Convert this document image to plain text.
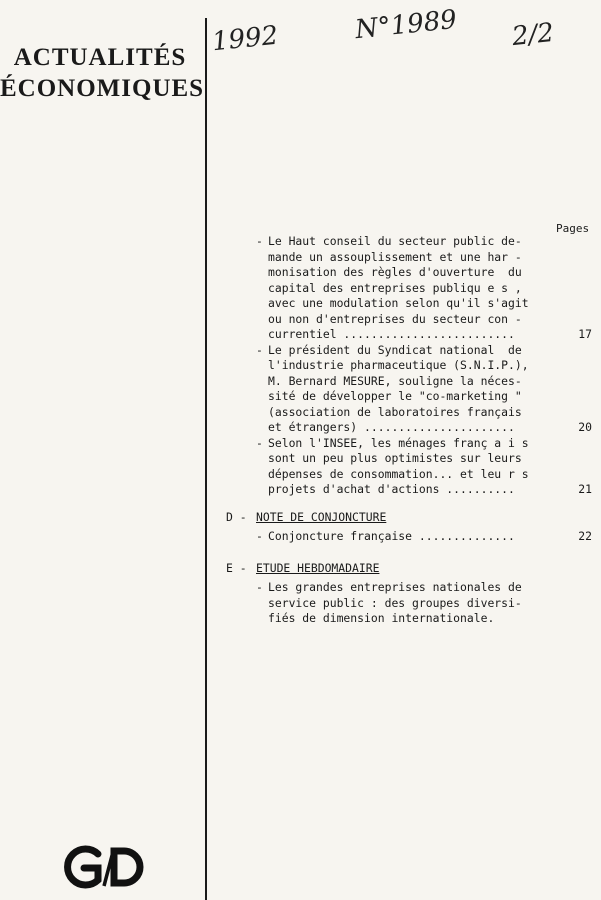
ACTUALITÉS
ÉCONOMIQUES
1992	N°1989 2/2
Pages
- Le Haut conseil du secteur public de-
mande un assouplissement et une har -
monisation des règles d'ouverture  du
capital des entreprises publiqu e s ,
avec une modulation selon qu'il s'agit
ou non d'entreprises du secteur con -
currentiel .........................	17
- Le président du Syndicat national  de
l'industrie pharmaceutique (S.N.I.P.),
M. Bernard MESURE, souligne la néces-
sité de développer le "co-marketing "
(association de laboratoires français
et étrangers) ......................	20
- Selon l'INSEE, les ménages franç a i s
sont un peu plus optimistes sur leurs
dépenses de consommation... et leu r s
projets d'achat d'actions ..........	21
D - NOTE DE CONJONCTURE
- Conjoncture française ..............	22
E - ETUDE HEBDOMADAIRE
- Les grandes entreprises nationales de
service public : des groupes diversi-
fiés de dimension internationale.
